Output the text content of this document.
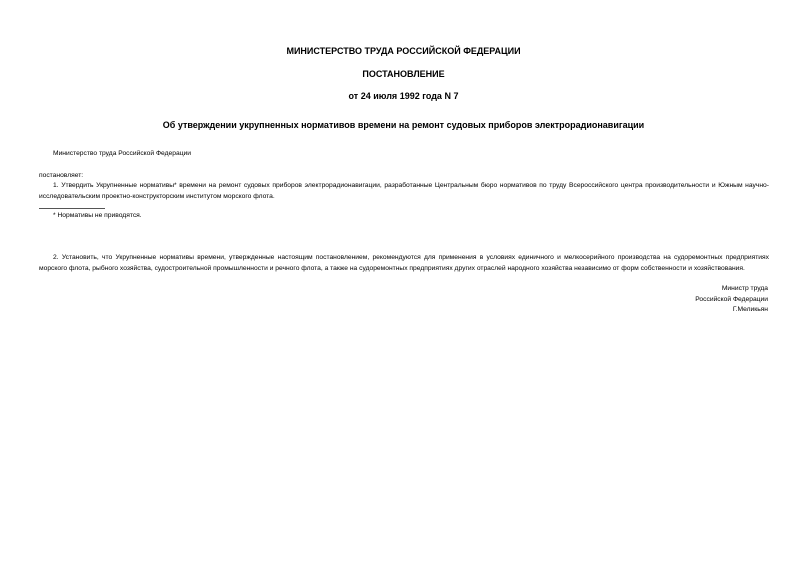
МИНИСТЕРСТВО ТРУДА РОССИЙСКОЙ ФЕДЕРАЦИИ
ПОСТАНОВЛЕНИЕ
от 24 июля 1992 года N 7
Об утверждении укрупненных нормативов времени на ремонт судовых приборов электрорадионавигации
Министерство труда Российской Федерации
постановляет:
1. Утвердить Укрупненные нормативы* времени на ремонт судовых приборов электрорадионавигации, разработанные Центральным бюро нормативов по труду Всероссийского центра производительности и Южным научно-исследовательским проектно-конструкторским институтом морского флота.
* Нормативы не приводятся.
2. Установить, что Укрупненные нормативы времени, утвержденные настоящим постановлением, рекомендуются для применения в условиях единичного и мелкосерийного производства на судоремонтных предприятиях морского флота, рыбного хозяйства, судостроительной промышленности и речного флота, а также на судоремонтных предприятиях других отраслей народного хозяйства независимо от форм собственности и хозяйствования.
Министр труда
Российской Федерации
Г.Меликьян
